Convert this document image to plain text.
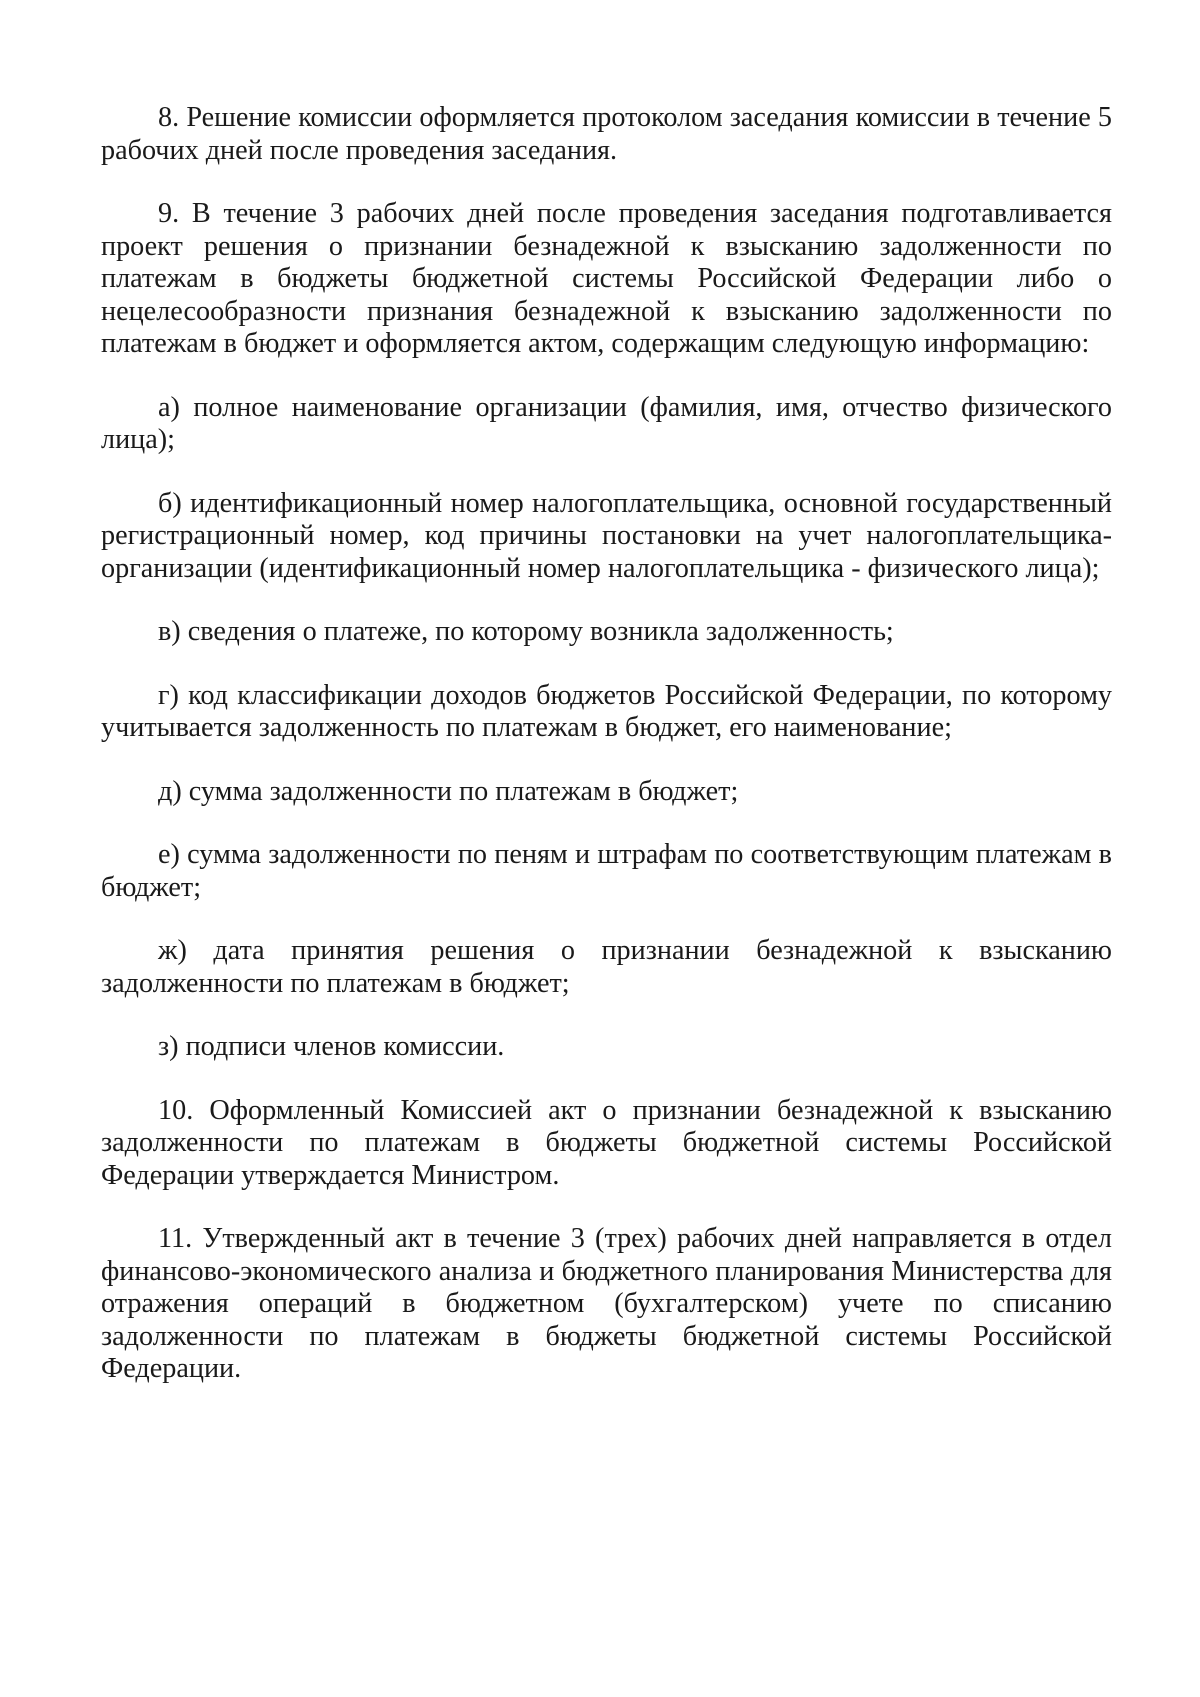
8. Решение комиссии оформляется протоколом заседания комиссии в течение 5 рабочих дней после проведения заседания.

9. В течение 3 рабочих дней после проведения заседания подготавливается проект решения о признании безнадежной к взысканию задолженности по платежам в бюджеты бюджетной системы Российской Федерации либо о нецелесообразности признания безнадежной к взысканию задолженности по платежам в бюджет и оформляется актом, содержащим следующую информацию:

а) полное наименование организации (фамилия, имя, отчество физического лица);

б) идентификационный номер налогоплательщика, основной государственный регистрационный номер, код причины постановки на учет налогоплательщика-организации (идентификационный номер налогоплательщика - физического лица);

в) сведения о платеже, по которому возникла задолженность;

г) код классификации доходов бюджетов Российской Федерации, по которому учитывается задолженность по платежам в бюджет, его наименование;

д) сумма задолженности по платежам в бюджет;

е) сумма задолженности по пеням и штрафам по соответствующим платежам в бюджет;

ж) дата принятия решения о признании безнадежной к взысканию задолженности по платежам в бюджет;

з) подписи членов комиссии.

10. Оформленный Комиссией акт о признании безнадежной к взысканию задолженности по платежам в бюджеты бюджетной системы Российской Федерации утверждается Министром.

11. Утвержденный акт в течение 3 (трех) рабочих дней направляется в отдел финансово-экономического анализа и бюджетного планирования Министерства для отражения операций в бюджетном (бухгалтерском) учете по списанию задолженности по платежам в бюджеты бюджетной системы Российской Федерации.
